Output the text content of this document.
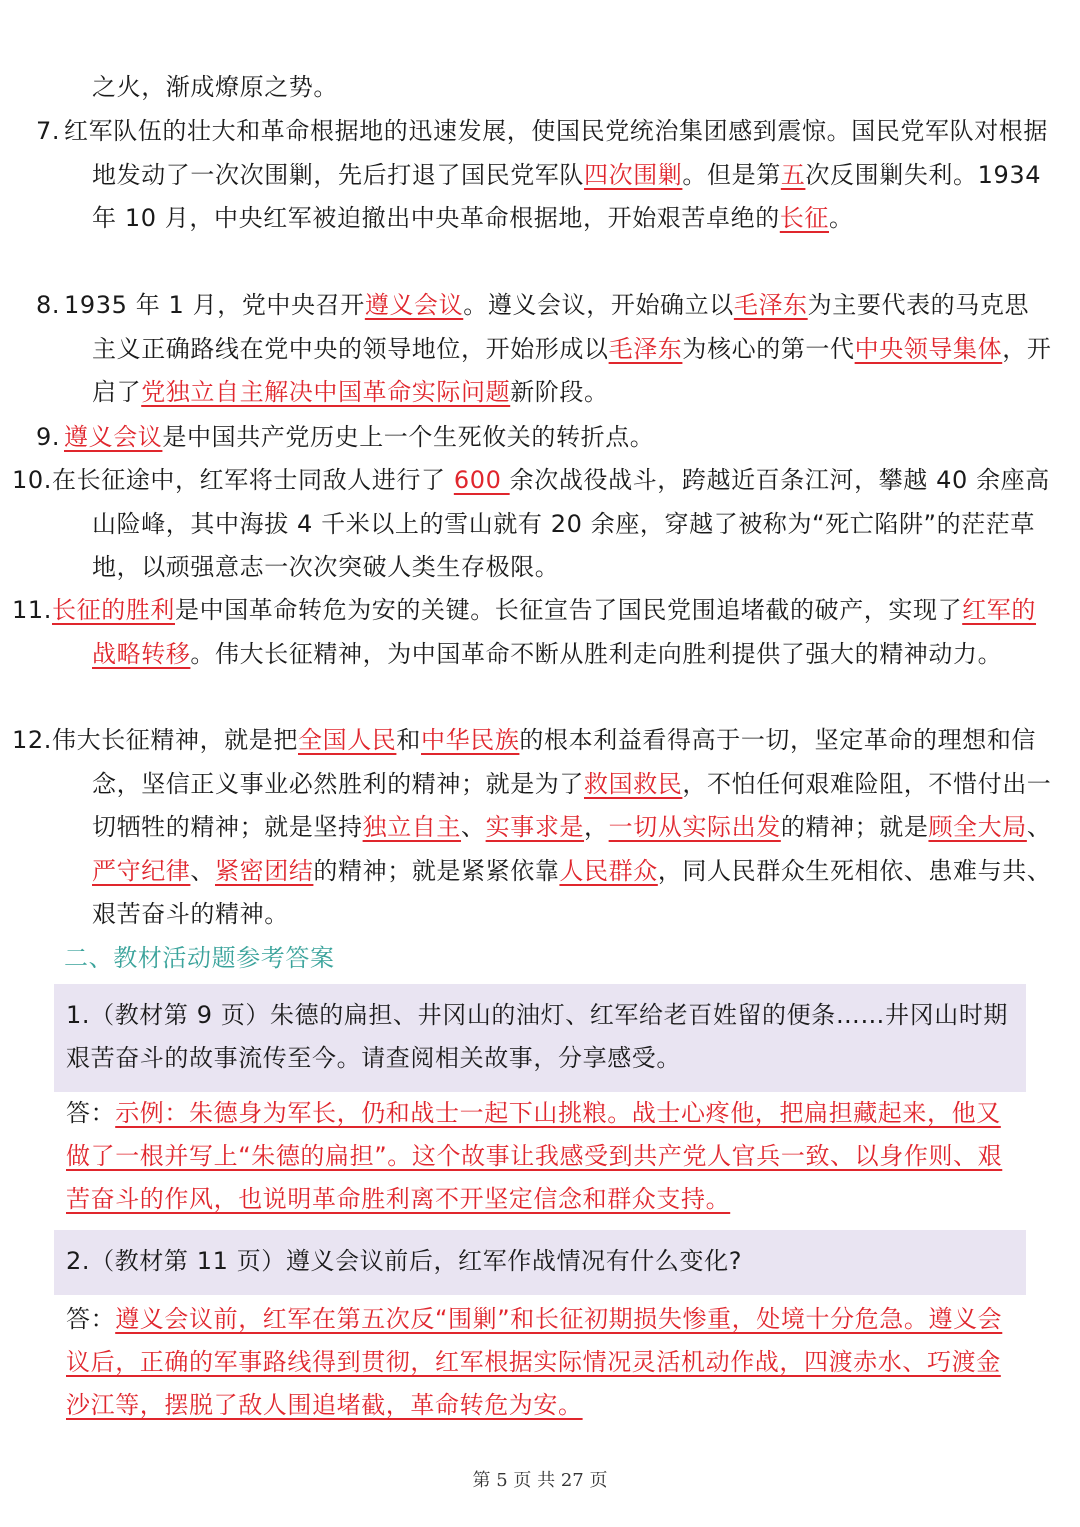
之火，渐成燎原之势。
7. 红军队伍的壮大和革命根据地的迅速发展，使国民党统治集团感到震惊。国民党军队对根据地发动了一次次围剿，先后打退了国民党军队四次围剿。但是第五次反围剿失利。1934 年 10 月，中央红军被迫撤出中央革命根据地，开始艰苦卓绝的长征。
8. 1935 年 1 月，党中央召开遵义会议。遵义会议，开始确立以毛泽东为主要代表的马克思主义正确路线在党中央的领导地位，开始形成以毛泽东为核心的第一代中央领导集体，开启了党独立自主解决中国革命实际问题新阶段。
9. 遵义会议是中国共产党历史上一个生死攸关的转折点。
10.在长征途中，红军将士同敌人进行了 600 余次战役战斗，跨越近百条江河，攀越 40 余座高山险峰，其中海拔 4 千米以上的雪山就有 20 余座，穿越了被称为“死亡陷阱”的茫茫草地，以顽强意志一次次突破人类生存极限。
11.长征的胜利是中国革命转危为安的关键。长征宣告了国民党围追堵截的破产，实现了红军的战略转移。伟大长征精神，为中国革命不断从胜利走向胜利提供了强大的精神动力。
12.伟大长征精神，就是把全国人民和中华民族的根本利益看得高于一切，坚定革命的理想和信念，坚信正义事业必然胜利的精神；就是为了救国救民，不怕任何艰难险阻，不惜付出一切牺牲的精神；就是坚持独立自主、实事求是，一切从实际出发的精神；就是顾全大局、严守纪律、紧密团结的精神；就是紧紧依靠人民群众，同人民群众生死相依、患难与共、艰苦奋斗的精神。
二、教材活动题参考答案
1.（教材第 9 页）朱德的扁担、井冈山的油灯、红军给老百姓留的便条……井冈山时期艰苦奋斗的故事流传至今。请查阅相关故事，分享感受。
答：示例：朱德身为军长，仍和战士一起下山挑粮。战士心疼他，把扁担藏起来，他又做了一根并写上“朱德的扁担”。这个故事让我感受到共产党人官兵一致、以身作则、艰苦奋斗的作风，也说明革命胜利离不开坚定信念和群众支持。
2.（教材第 11 页）遵义会议前后，红军作战情况有什么变化?
答：遵义会议前，红军在第五次反“围剿”和长征初期损失惨重，处境十分危急。遵义会议后，正确的军事路线得到贯彻，红军根据实际情况灵活机动作战，四渡赤水、巧渡金沙江等，摆脱了敌人围追堵截，革命转危为安。
第 5 页 共 27 页
